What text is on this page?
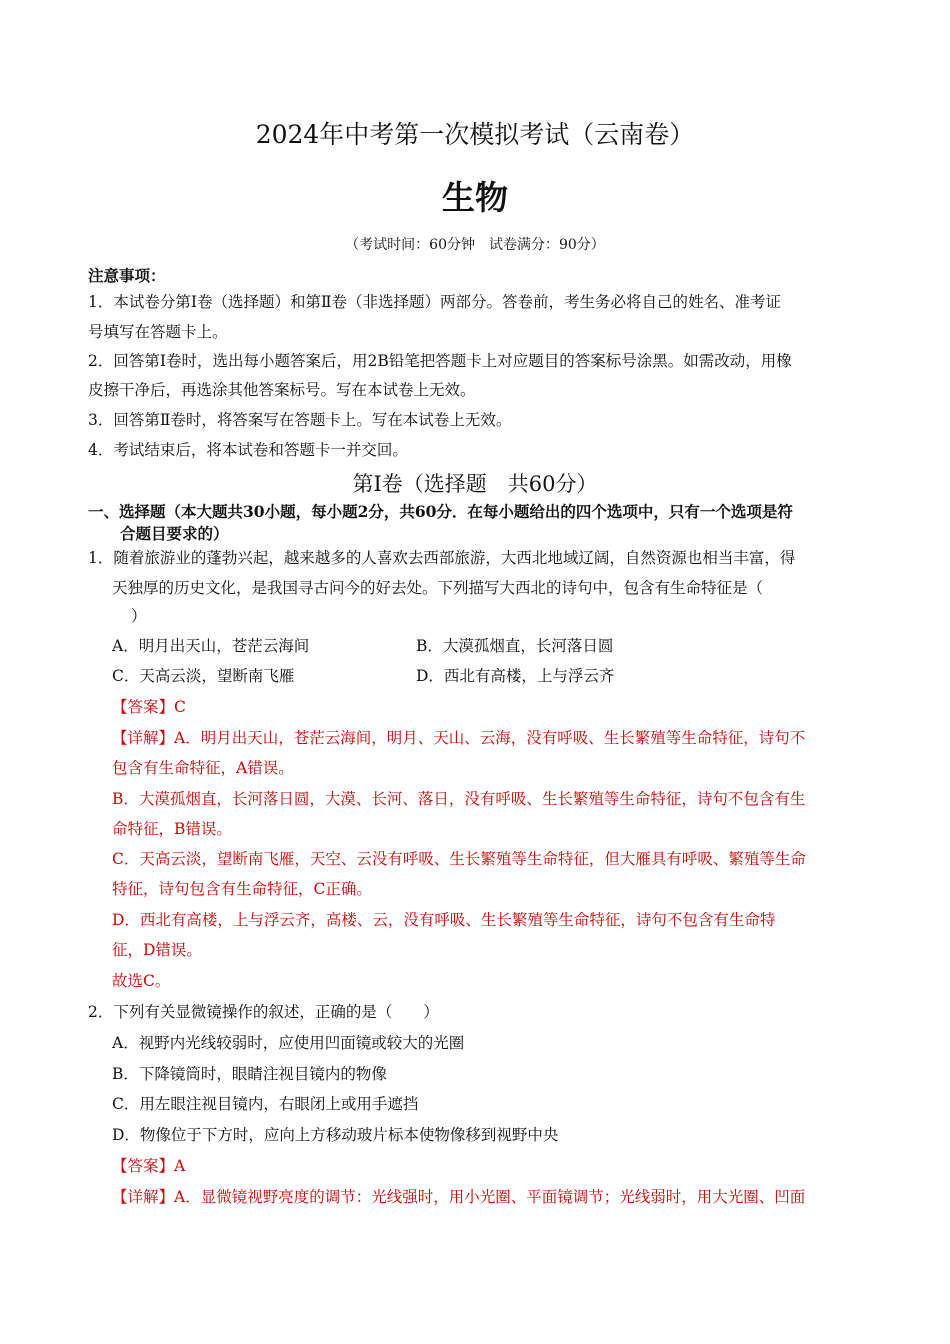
2024年中考第一次模拟考试（云南卷）
生物
（考试时间：60分钟　试卷满分：90分）
注意事项：
1．本试卷分第Ⅰ卷（选择题）和第Ⅱ卷（非选择题）两部分。答卷前，考生务必将自己的姓名、准考证
号填写在答题卡上。
2．回答第Ⅰ卷时，选出每小题答案后，用2B铅笔把答题卡上对应题目的答案标号涂黑。如需改动，用橡
皮擦干净后，再选涂其他答案标号。写在本试卷上无效。
3．回答第Ⅱ卷时，将答案写在答题卡上。写在本试卷上无效。
4．考试结束后，将本试卷和答题卡一并交回。
第Ⅰ卷（选择题　共60分）
一、选择题（本大题共30小题，每小题2分，共60分．在每小题给出的四个选项中，只有一个选项是符
合题目要求的）
1．随着旅游业的蓬勃兴起，越来越多的人喜欢去西部旅游，大西北地域辽阔，自然资源也相当丰富，得
天独厚的历史文化，是我国寻古问今的好去处。下列描写大西北的诗句中，包含有生命特征是（
）
A．明月出天山，苍茫云海间	B．大漠孤烟直，长河落日圆
C．天高云淡，望断南飞雁	D．西北有高楼，上与浮云齐
【答案】C
【详解】A．明月出天山，苍茫云海间，明月、天山、云海，没有呼吸、生长繁殖等生命特征，诗句不
包含有生命特征，A错误。
B．大漠孤烟直，长河落日圆，大漠、长河、落日，没有呼吸、生长繁殖等生命特征，诗句不包含有生
命特征，B错误。
C．天高云淡，望断南飞雁，天空、云没有呼吸、生长繁殖等生命特征，但大雁具有呼吸、繁殖等生命
特征，诗句包含有生命特征，C正确。
D．西北有高楼，上与浮云齐，高楼、云，没有呼吸、生长繁殖等生命特征，诗句不包含有生命特
征，D错误。
故选C。
2．下列有关显微镜操作的叙述，正确的是（　　）
A．视野内光线较弱时，应使用凹面镜或较大的光圈
B．下降镜筒时，眼睛注视目镜内的物像
C．用左眼注视目镜内，右眼闭上或用手遮挡
D．物像位于下方时，应向上方移动玻片标本使物像移到视野中央
【答案】A
【详解】A．显微镜视野亮度的调节：光线强时，用小光圈、平面镜调节；光线弱时，用大光圈、凹面
